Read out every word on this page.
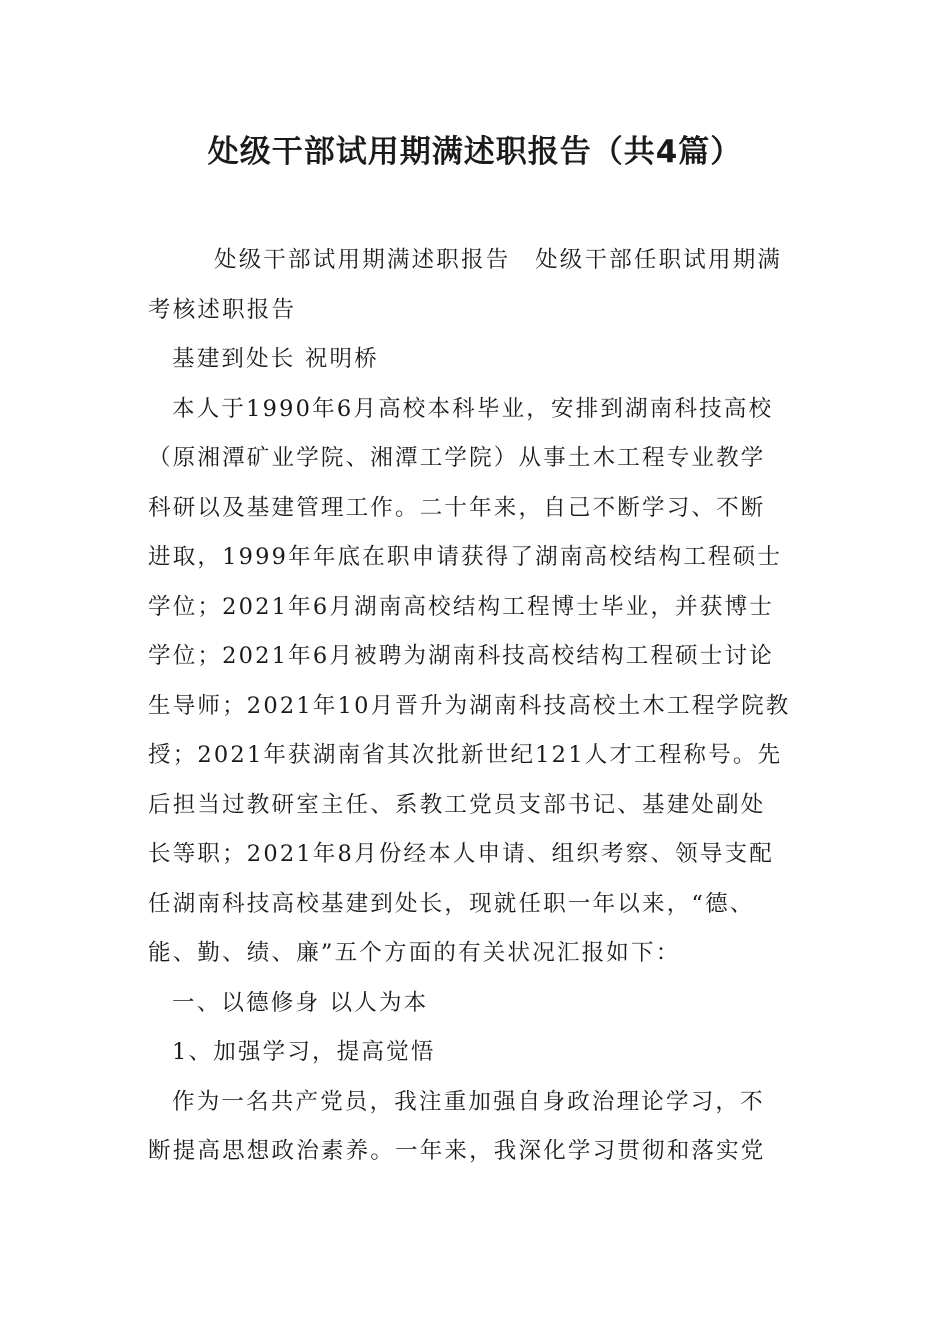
处级干部试用期满述职报告（共4篇）
处级干部试用期满述职报告　处级干部任职试用期满
考核述职报告
基建到处长 祝明桥
本人于1990年6月高校本科毕业，安排到湖南科技高校
（原湘潭矿业学院、湘潭工学院）从事土木工程专业教学
科研以及基建管理工作。二十年来，自己不断学习、不断
进取，1999年年底在职申请获得了湖南高校结构工程硕士
学位；2021年6月湖南高校结构工程博士毕业，并获博士
学位；2021年6月被聘为湖南科技高校结构工程硕士讨论
生导师；2021年10月晋升为湖南科技高校土木工程学院教
授；2021年获湖南省其次批新世纪121人才工程称号。先
后担当过教研室主任、系教工党员支部书记、基建处副处
长等职；2021年8月份经本人申请、组织考察、领导支配
任湖南科技高校基建到处长，现就任职一年以来，“德、
能、勤、绩、廉”五个方面的有关状况汇报如下：
一、以德修身 以人为本
1、加强学习，提高觉悟
作为一名共产党员，我注重加强自身政治理论学习，不
断提高思想政治素养。一年来，我深化学习贯彻和落实党
